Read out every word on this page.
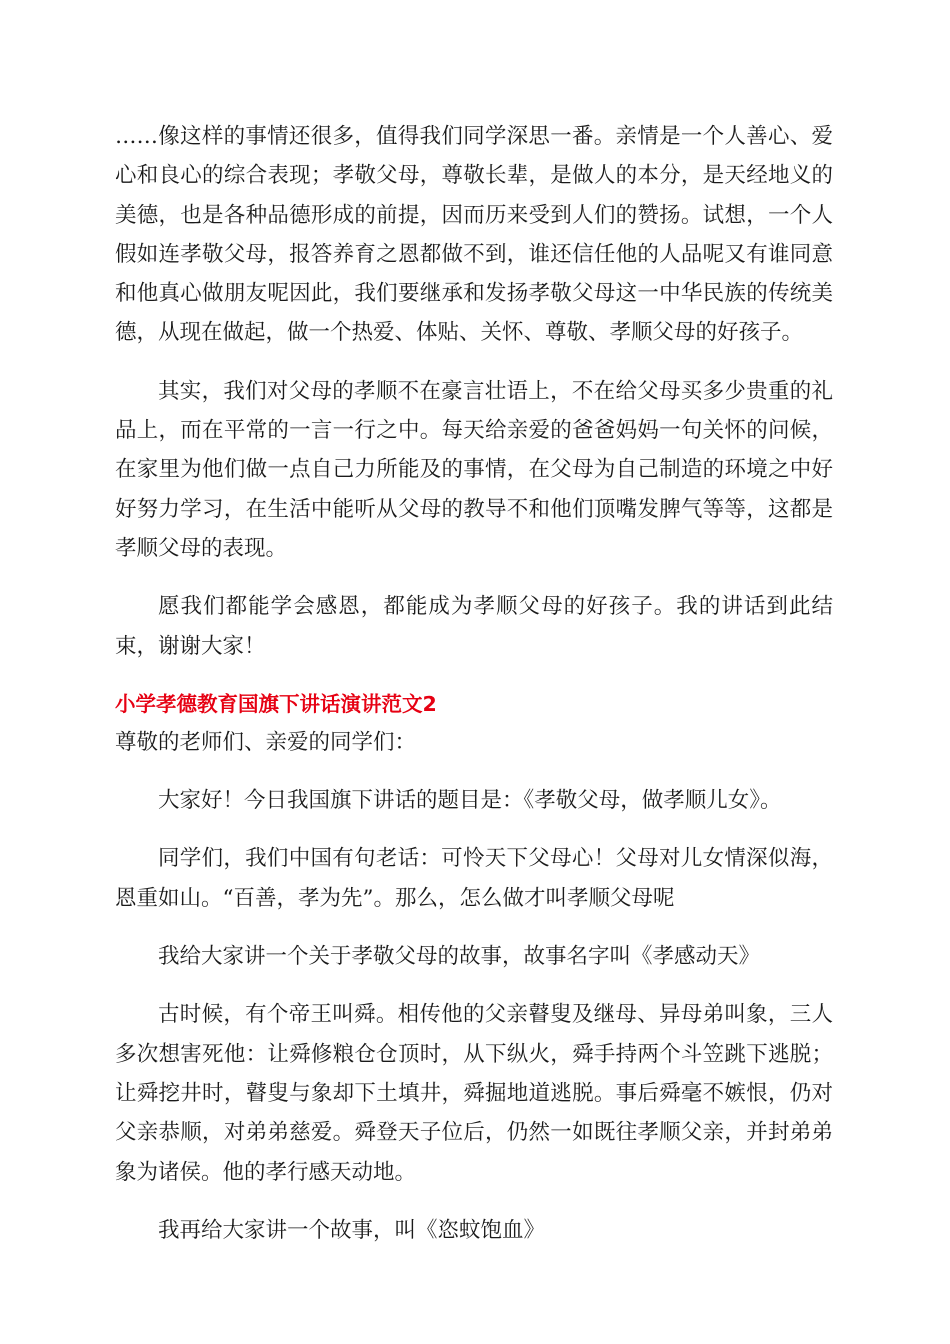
……像这样的事情还很多，值得我们同学深思一番。亲情是一个人善心、爱心和良心的综合表现；孝敬父母，尊敬长辈，是做人的本分，是天经地义的美德，也是各种品德形成的前提，因而历来受到人们的赞扬。试想，一个人假如连孝敬父母，报答养育之恩都做不到，谁还信任他的人品呢又有谁同意和他真心做朋友呢因此，我们要继承和发扬孝敬父母这一中华民族的传统美德，从现在做起，做一个热爱、体贴、关怀、尊敬、孝顺父母的好孩子。

其实，我们对父母的孝顺不在豪言壮语上，不在给父母买多少贵重的礼品上，而在平常的一言一行之中。每天给亲爱的爸爸妈妈一句关怀的问候，在家里为他们做一点自己力所能及的事情，在父母为自己制造的环境之中好好努力学习，在生活中能听从父母的教导不和他们顶嘴发脾气等等，这都是孝顺父母的表现。

愿我们都能学会感恩，都能成为孝顺父母的好孩子。我的讲话到此结束，谢谢大家！

小学孝德教育国旗下讲话演讲范文2

尊敬的老师们、亲爱的同学们：

大家好！今日我国旗下讲话的题目是：《孝敬父母，做孝顺儿女》。

同学们，我们中国有句老话：可怜天下父母心！父母对儿女情深似海，恩重如山。“百善，孝为先”。那么，怎么做才叫孝顺父母呢

我给大家讲一个关于孝敬父母的故事，故事名字叫《孝感动天》

古时候，有个帝王叫舜。相传他的父亲瞽叟及继母、异母弟叫象，三人多次想害死他：让舜修粮仓仓顶时，从下纵火，舜手持两个斗笠跳下逃脱；让舜挖井时，瞽叟与象却下土填井，舜掘地道逃脱。事后舜毫不嫉恨，仍对父亲恭顺，对弟弟慈爱。舜登天子位后，仍然一如既往孝顺父亲，并封弟弟象为诸侯。他的孝行感天动地。

我再给大家讲一个故事，叫《恣蚊饱血》
